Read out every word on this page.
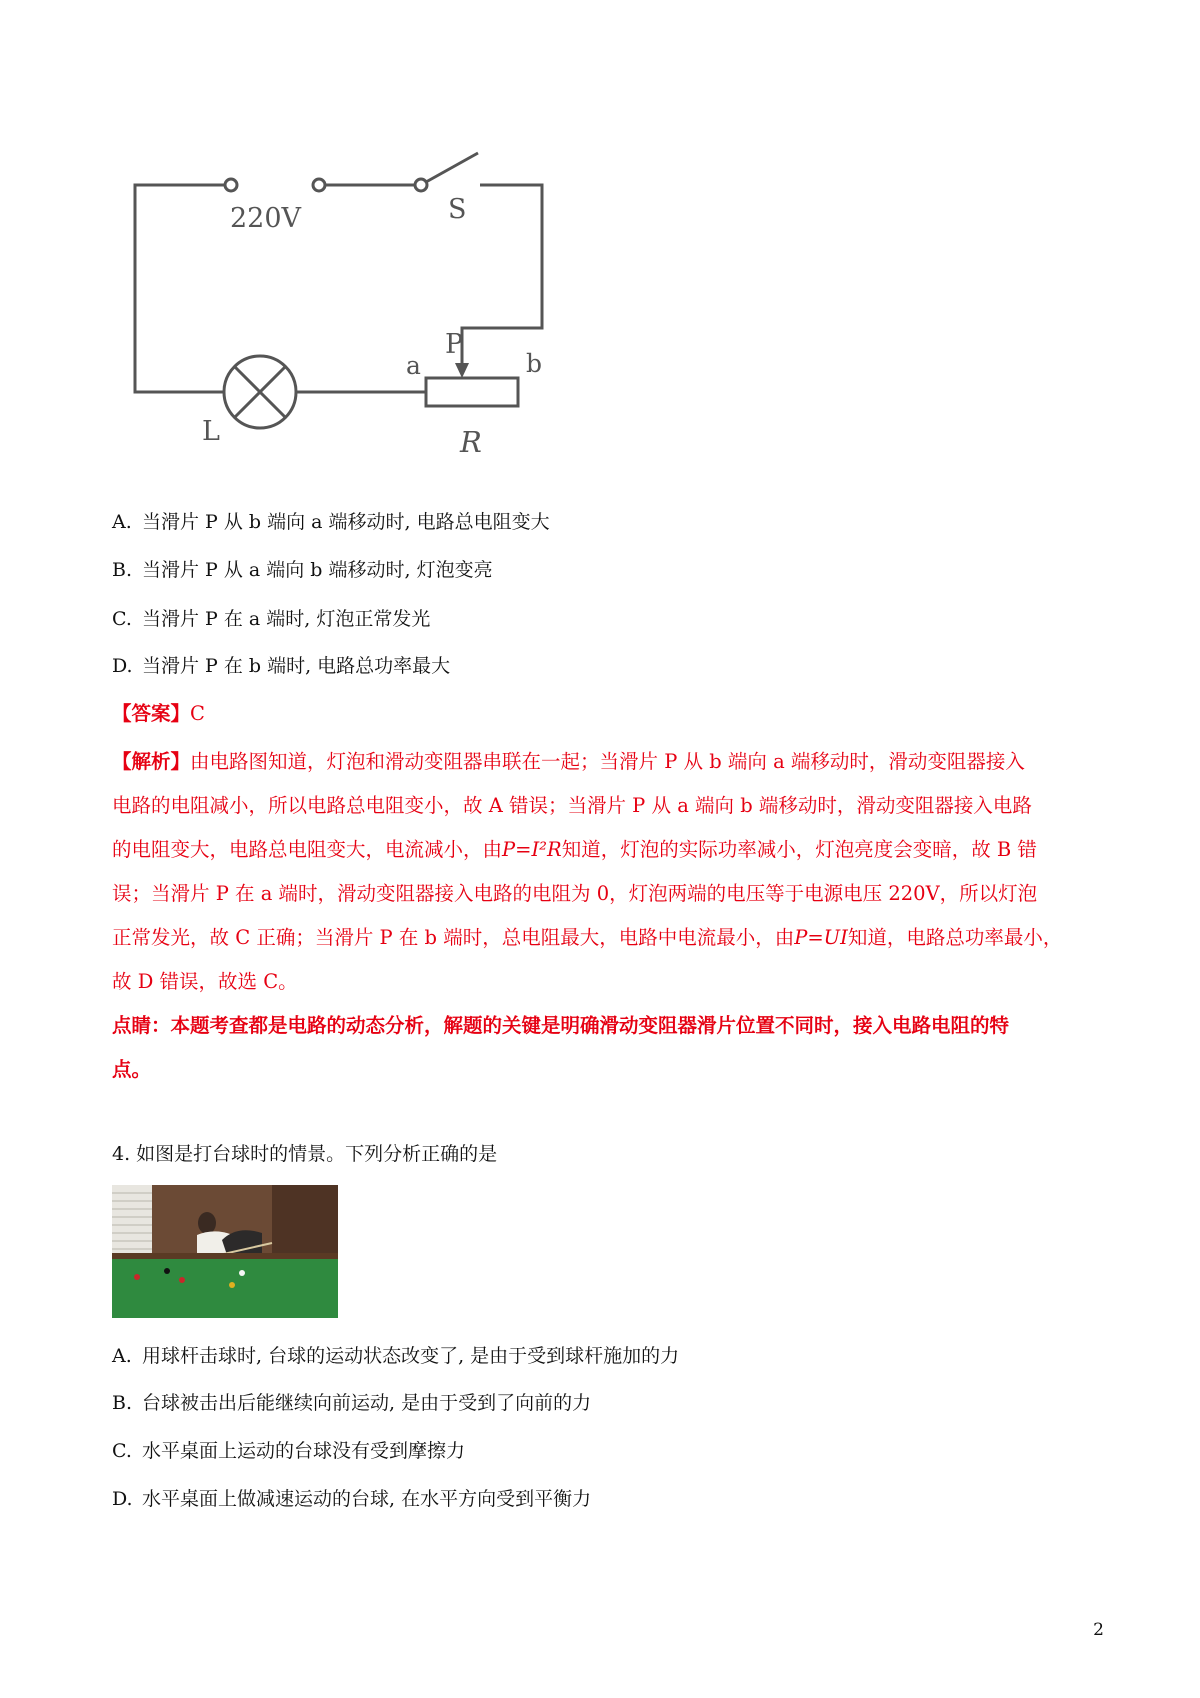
220V	S
P
a	b
L	R
A. 当滑片 P 从 b 端向 a 端移动时, 电路总电阻变大
B. 当滑片 P 从 a 端向 b 端移动时, 灯泡变亮
C. 当滑片 P 在 a 端时, 灯泡正常发光
D. 当滑片 P 在 b 端时, 电路总功率最大
【答案】C

【解析】由电路图知道，灯泡和滑动变阻器串联在一起；当滑片 P 从 b 端向 a 端移动时，滑动变阻器接入

电路的电阻减小，所以电路总电阻变小，故 A 错误；当滑片 P 从 a 端向 b 端移动时，滑动变阻器接入电路

的电阻变大，电路总电阻变大，电流减小，由P=I²R知道，灯泡的实际功率减小，灯泡亮度会变暗，故 B 错

误；当滑片 P 在 a 端时，滑动变阻器接入电路的电阻为 0，灯泡两端的电压等于电源电压 220V，所以灯泡

正常发光，故 C 正确；当滑片 P 在 b 端时，总电阻最大，电路中电流最小，由P=UI知道，电路总功率最小，

故 D 错误，故选 C。

点睛：本题考查都是电路的动态分析，解题的关键是明确滑动变阻器滑片位置不同时，接入电路电阻的特

点。

4. 如图是打台球时的情景。下列分析正确的是
A. 用球杆击球时, 台球的运动状态改变了, 是由于受到球杆施加的力
B. 台球被击出后能继续向前运动, 是由于受到了向前的力
C. 水平桌面上运动的台球没有受到摩擦力
D. 水平桌面上做减速运动的台球, 在水平方向受到平衡力
2
